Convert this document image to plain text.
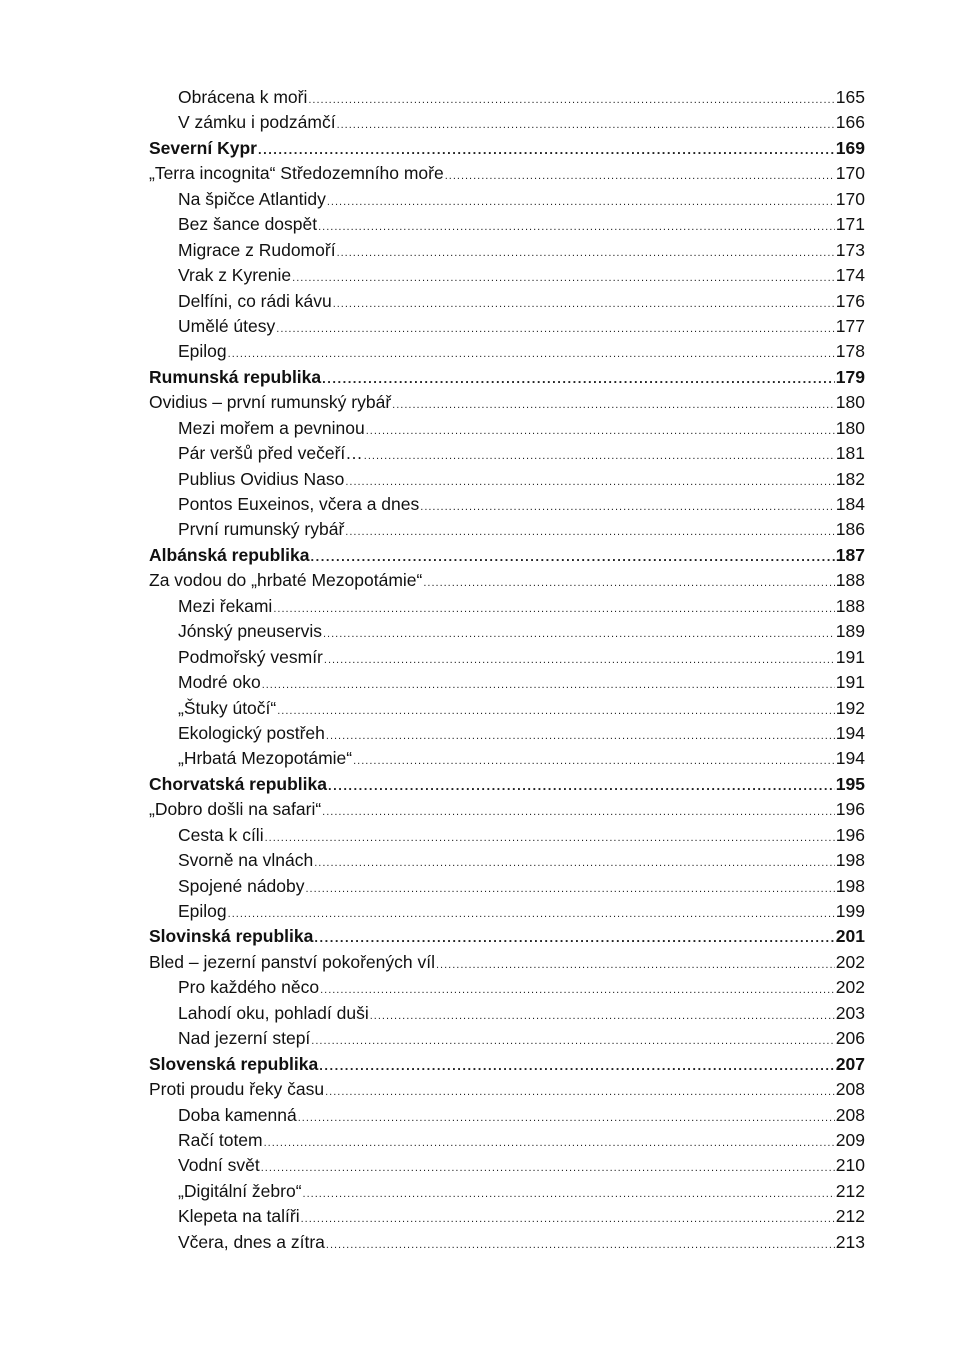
Obrácena k moři .....	165
V zámku i podzámčí .....	166
Severní Kypr .....	169
„Terra incognita“ Středozemního moře .....	170
Na špičce Atlantidy .....	170
Bez šance dospět .....	171
Migrace z Rudomoří .....	173
Vrak z Kyrenie .....	174
Delfíni, co rádi kávu .....	176
Umělé útesy .....	177
Epilog .....	178
Rumunská republika .....	179
Ovidius – první rumunský rybář .....	180
Mezi mořem a pevninou .....	180
Pár veršů před večeří… .....	181
Publius Ovidius Naso .....	182
Pontos Euxeinos, včera a dnes .....	184
První rumunský rybář .....	186
Albánská republika .....	187
Za vodou do „hrbaté Mezopotámie“ .....	188
Mezi řekami .....	188
Jónský pneuservis .....	189
Podmořský vesmír .....	191
Modré oko .....	191
„Štuky útočí“ .....	192
Ekologický postřeh .....	194
„Hrbatá Mezopotámie“ .....	194
Chorvatská republika .....	195
„Dobro došli na safari“ .....	196
Cesta k cíli .....	196
Svorně na vlnách .....	198
Spojené nádoby .....	198
Epilog .....	199
Slovinská republika .....	201
Bled – jezerní panství pokořených víl .....	202
Pro každého něco .....	202
Lahodí oku, pohladí duši .....	203
Nad jezerní stepí .....	206
Slovenská republika .....	207
Proti proudu řeky času .....	208
Doba kamenná .....	208
Račí totem .....	209
Vodní svět .....	210
„Digitální žebro“ .....	212
Klepeta na talíři .....	212
Včera, dnes a zítra .....	213
